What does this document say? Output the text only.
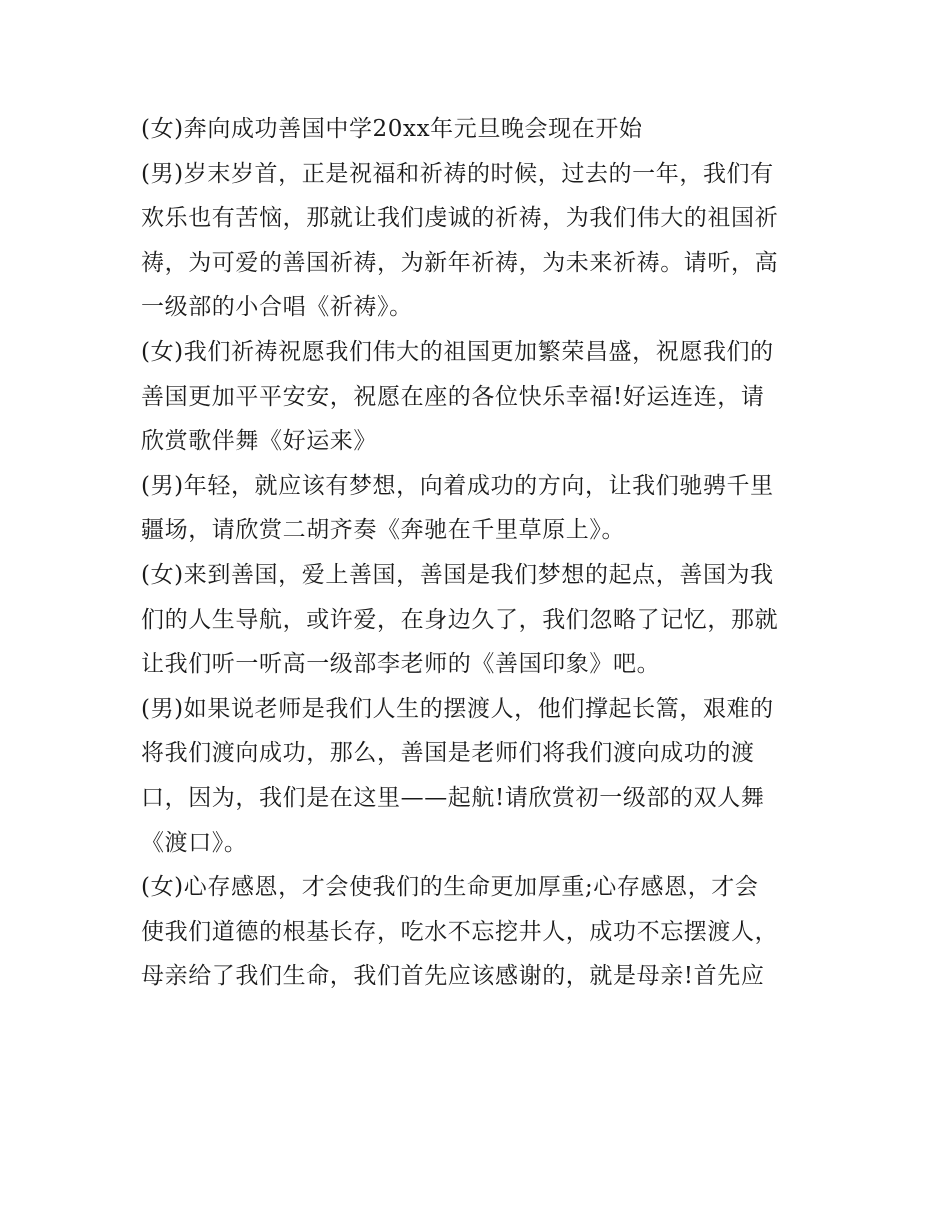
(女)奔向成功善国中学20xx年元旦晚会现在开始
(男)岁末岁首，正是祝福和祈祷的时候，过去的一年，我们有
欢乐也有苦恼，那就让我们虔诚的祈祷，为我们伟大的祖国祈
祷，为可爱的善国祈祷，为新年祈祷，为未来祈祷。请听，高
一级部的小合唱《祈祷》。
(女)我们祈祷祝愿我们伟大的祖国更加繁荣昌盛，祝愿我们的
善国更加平平安安，祝愿在座的各位快乐幸福!好运连连，请
欣赏歌伴舞《好运来》
(男)年轻，就应该有梦想，向着成功的方向，让我们驰骋千里
疆场，请欣赏二胡齐奏《奔驰在千里草原上》。
(女)来到善国，爱上善国，善国是我们梦想的起点，善国为我
们的人生导航，或许爱，在身边久了，我们忽略了记忆，那就
让我们听一听高一级部李老师的《善国印象》吧。
(男)如果说老师是我们人生的摆渡人，他们撑起长篙，艰难的
将我们渡向成功，那么，善国是老师们将我们渡向成功的渡
口，因为，我们是在这里——起航!请欣赏初一级部的双人舞
《渡口》。
(女)心存感恩，才会使我们的生命更加厚重;心存感恩，才会
使我们道德的根基长存，吃水不忘挖井人，成功不忘摆渡人，
母亲给了我们生命，我们首先应该感谢的，就是母亲!首先应
